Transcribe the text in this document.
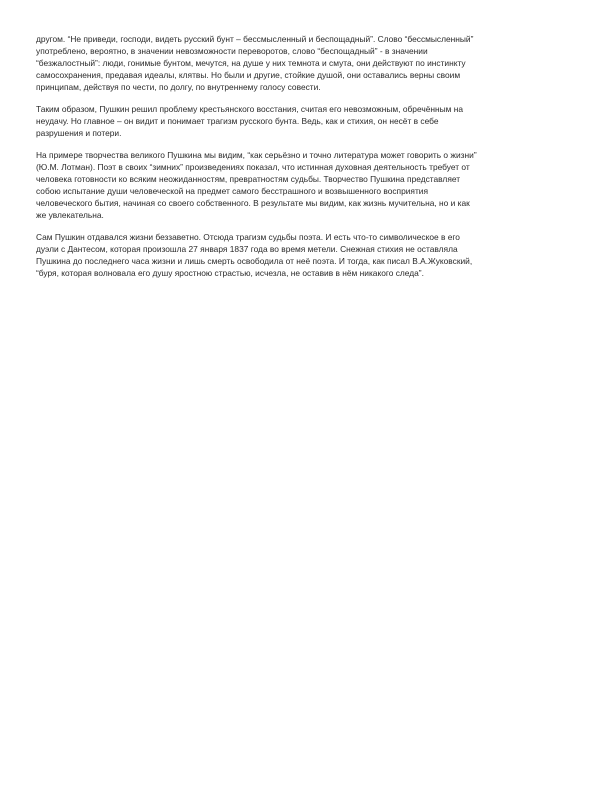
другом. “Не приведи, господи, видеть русский бунт – бессмысленный и беспощадный”. Слово “бессмысленный”
употреблено, вероятно, в значении невозможности переворотов, слово “беспощадный” - в значении
“безжалостный”: люди, гонимые бунтом, мечутся, на душе у них темнота и смута, они действуют по инстинкту
самосохранения, предавая идеалы, клятвы. Но были и другие, стойкие душой, они оставались верны своим
принципам, действуя по чести, по долгу, по внутреннему голосу совести.

Таким образом, Пушкин решил проблему крестьянского восстания, считая его невозможным, обречённым на
неудачу. Но главное – он видит и понимает трагизм русского бунта. Ведь, как и стихия, он несёт в себе
разрушения и потери.

На примере творчества великого Пушкина мы видим, “как серьёзно и точно литература может говорить о жизни”
(Ю.М. Лотман). Поэт в своих “зимних” произведениях показал, что истинная духовная деятельность требует от
человека готовности ко всяким неожиданностям, превратностям судьбы. Творчество Пушкина представляет
собою испытание души человеческой на предмет самого бесстрашного и возвышенного восприятия
человеческого бытия, начиная со своего собственного. В результате мы видим, как жизнь мучительна, но и как
же увлекательна.

Сам Пушкин отдавался жизни беззаветно. Отсюда трагизм судьбы поэта. И есть что-то символическое в его
дуэли с Дантесом, которая произошла 27 января 1837 года во время метели. Снежная стихия не оставляла
Пушкина до последнего часа жизни и лишь смерть освободила от неё поэта. И тогда, как писал В.А.Жуковский,
“буря, которая волновала его душу яростною страстью, исчезла, не оставив в нём никакого следа”.
